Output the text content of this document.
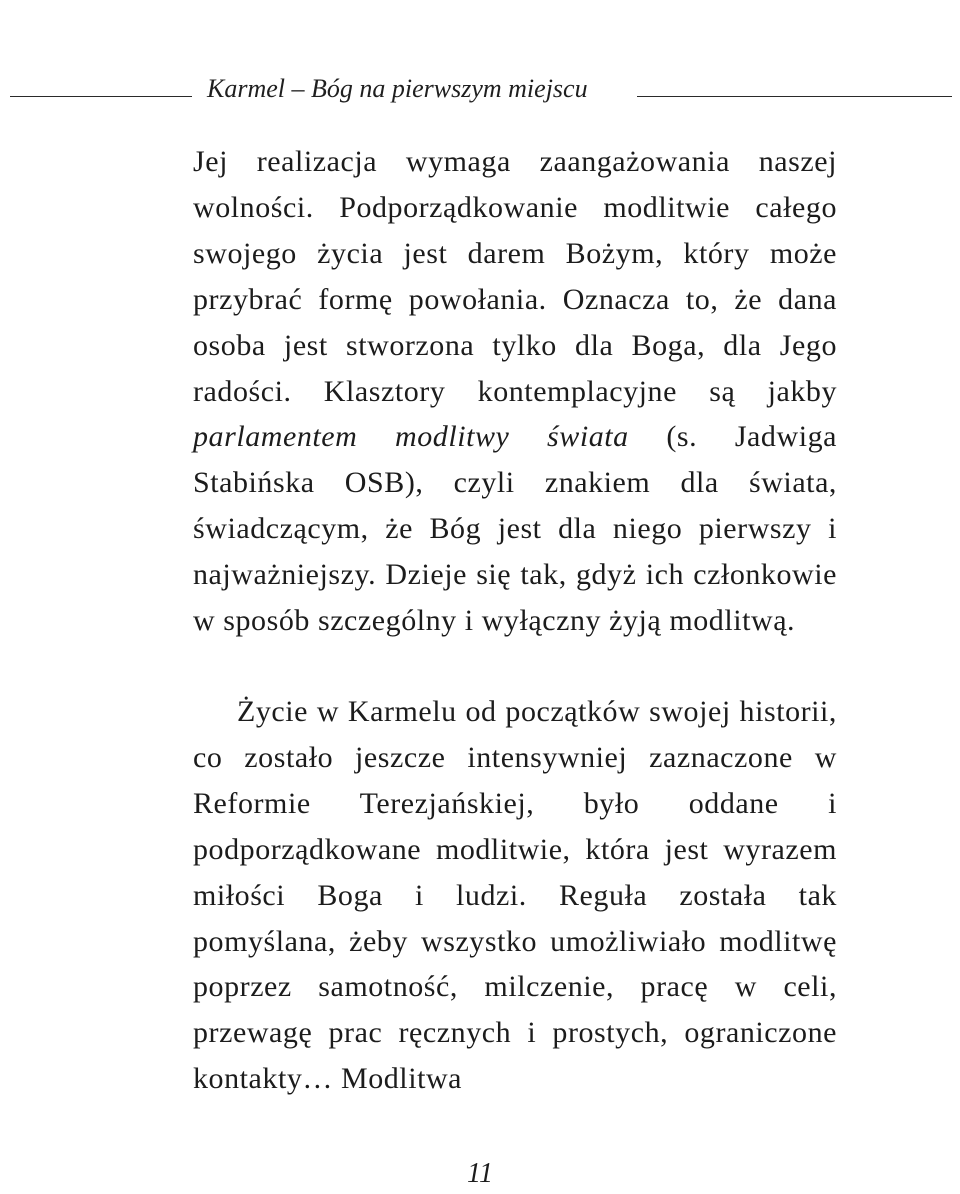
Karmel – Bóg na pierwszym miejscu

Jej realizacja wymaga zaangażowania naszej wolności. Podporządkowanie modlitwie całego swojego życia jest darem Bożym, który może przybrać formę powołania. Oznacza to, że dana osoba jest stworzona tylko dla Boga, dla Jego radości. Klasztory kontemplacyjne są jakby parlamentem modlitwy świata (s. Jadwiga Stabińska OSB), czyli znakiem dla świata, świadczącym, że Bóg jest dla niego pierwszy i najważniejszy. Dzieje się tak, gdyż ich członkowie w sposób szczególny i wyłączny żyją modlitwą.

Życie w Karmelu od początków swojej historii, co zostało jeszcze intensywniej zaznaczone w Reformie Terezjańskiej, było oddane i podporządkowane modlitwie, która jest wyrazem miłości Boga i ludzi. Reguła została tak pomyślana, żeby wszystko umożliwiało modlitwę poprzez samotność, milczenie, pracę w celi, przewagę prac ręcznych i prostych, ograniczone kontakty… Modlitwa

11
